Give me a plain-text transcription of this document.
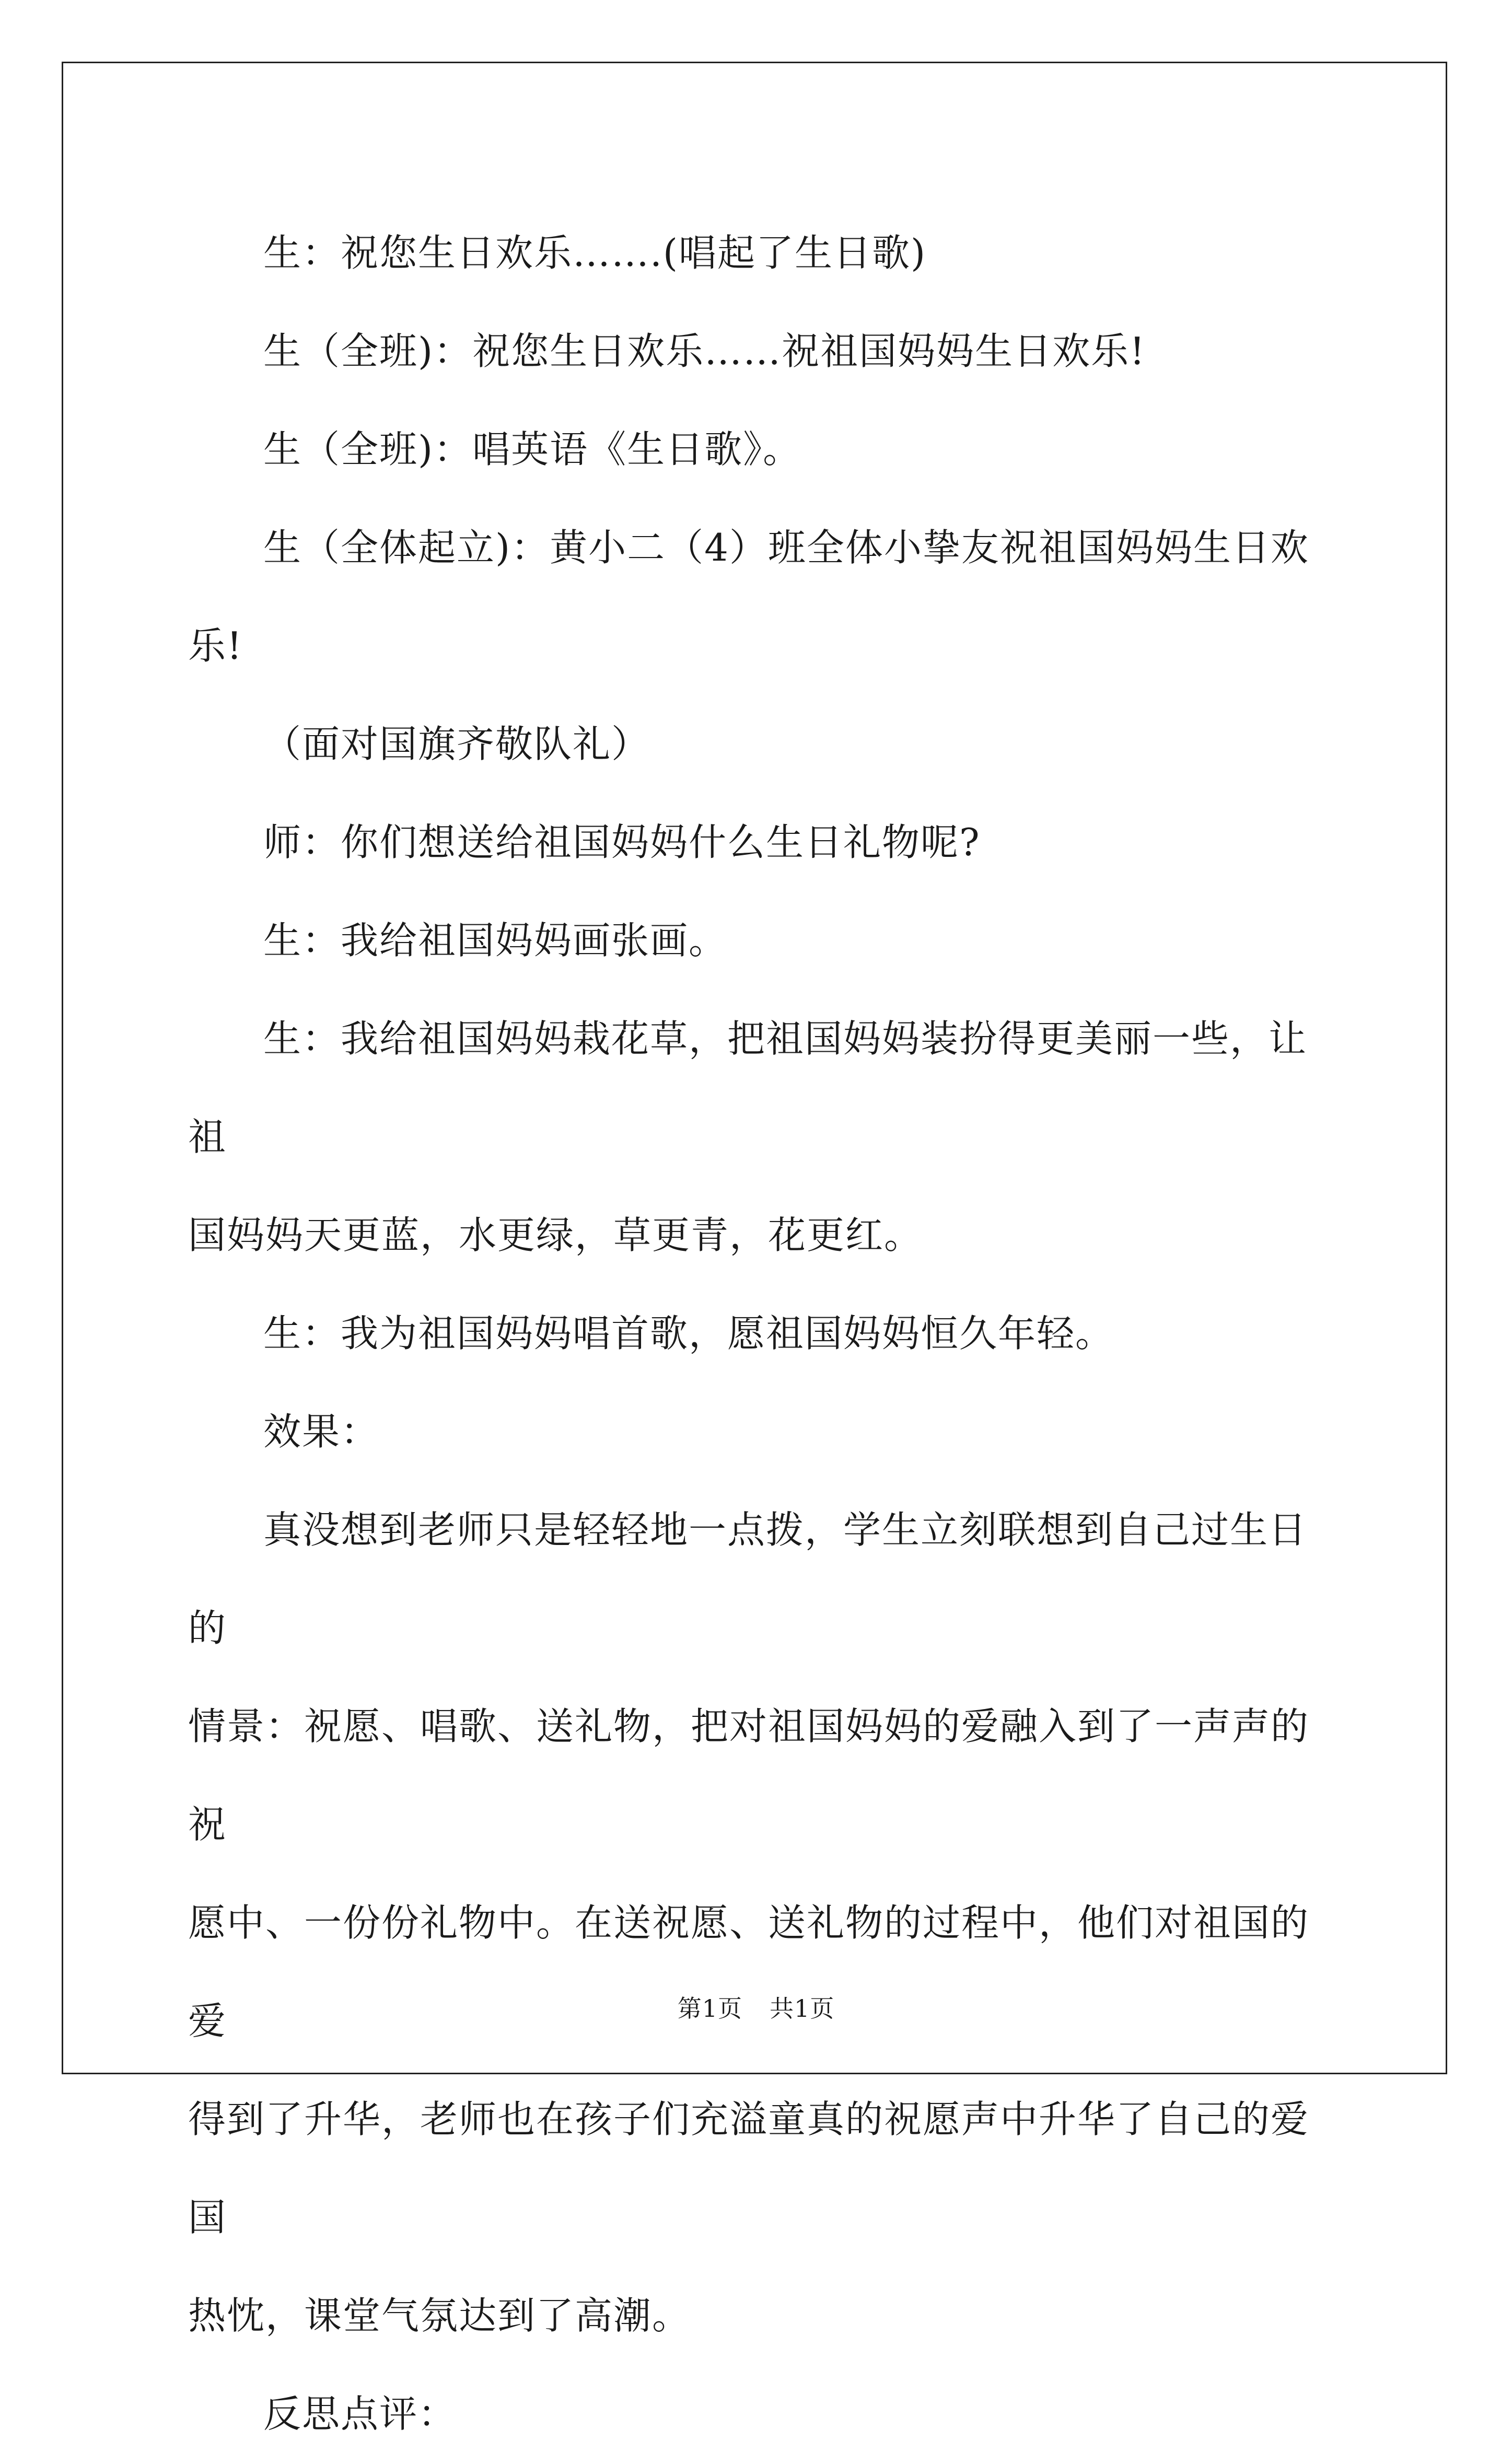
生：祝您生日欢乐…….(唱起了生日歌)

生（全班)：祝您生日欢乐……祝祖国妈妈生日欢乐!

生（全班)：唱英语《生日歌》。

生（全体起立)：黄小二（4）班全体小挚友祝祖国妈妈生日欢乐!

（面对国旗齐敬队礼）

师：你们想送给祖国妈妈什么生日礼物呢?

生：我给祖国妈妈画张画。

生：我给祖国妈妈栽花草，把祖国妈妈装扮得更美丽一些，让祖

国妈妈天更蓝，水更绿，草更青，花更红。

生：我为祖国妈妈唱首歌，愿祖国妈妈恒久年轻。

效果：

真没想到老师只是轻轻地一点拨，学生立刻联想到自己过生日的

情景：祝愿、唱歌、送礼物，把对祖国妈妈的爱融入到了一声声的祝

愿中、一份份礼物中。在送祝愿、送礼物的过程中，他们对祖国的爱

得到了升华，老师也在孩子们充溢童真的祝愿声中升华了自己的爱国

热忱，课堂气氛达到了高潮。

反思点评：

第1页 共1页
